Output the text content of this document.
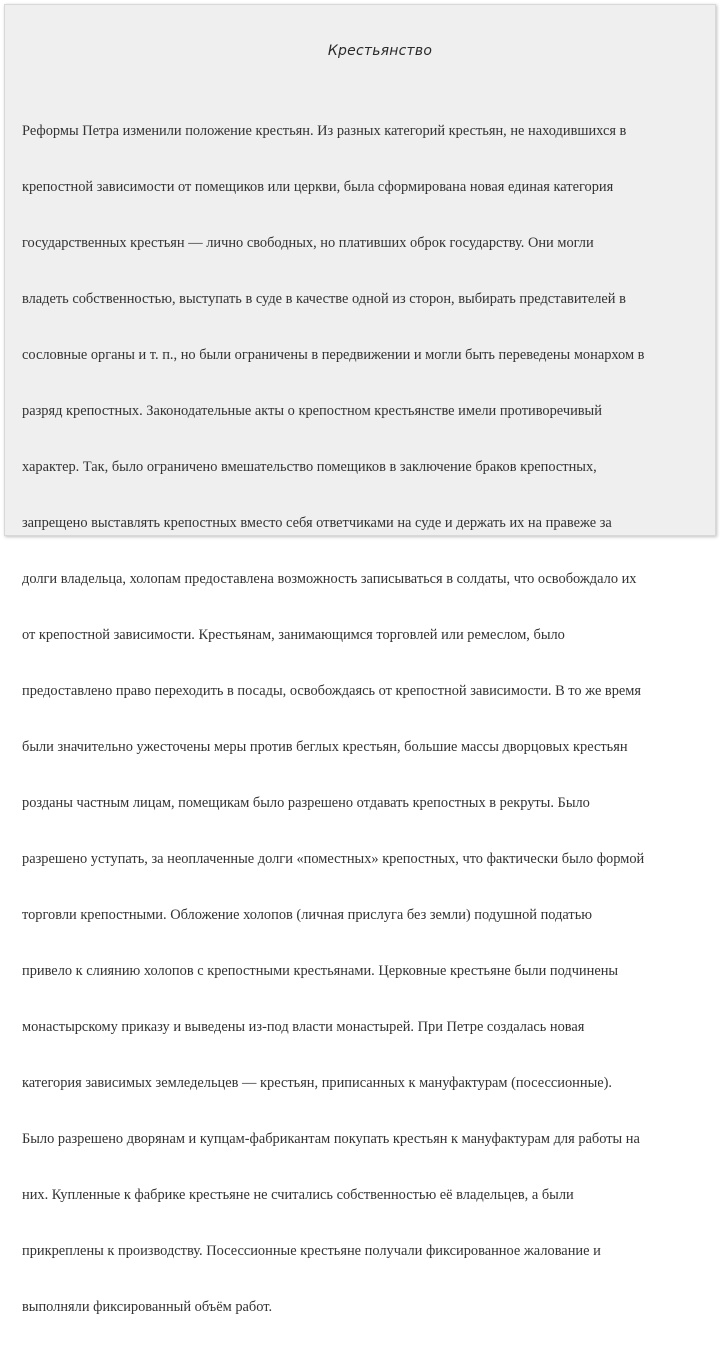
Крестьянство

Реформы Петра изменили положение крестьян. Из разных категорий крестьян, не находившихся в

крепостной зависимости от помещиков или церкви, была сформирована новая единая категория

государственных крестьян — лично свободных, но плативших оброк государству. Они могли

владеть собственностью, выступать в суде в качестве одной из сторон, выбирать представителей в

сословные органы и т. п., но были ограничены в передвижении и могли быть переведены монархом в

разряд крепостных. Законодательные акты о крепостном крестьянстве имели противоречивый

характер. Так, было ограничено вмешательство помещиков в заключение браков крепостных,

запрещено выставлять крепостных вместо себя ответчиками на суде и держать их на правеже за

долги владельца, холопам предоставлена возможность записываться в солдаты, что освобождало их

от крепостной зависимости. Крестьянам, занимающимся торговлей или ремеслом, было

предоставлено право переходить в посады, освобождаясь от крепостной зависимости. В то же время

были значительно ужесточены меры против беглых крестьян, большие массы дворцовых крестьян

розданы частным лицам, помещикам было разрешено отдавать крепостных в рекруты. Было

разрешено уступать, за неоплаченные долги «поместных» крепостных, что фактически было формой

торговли крепостными. Обложение холопов (личная прислуга без земли) подушной податью

привело к слиянию холопов с крепостными крестьянами. Церковные крестьяне были подчинены

монастырскому приказу и выведены из-под власти монастырей. При Петре создалась новая

категория зависимых земледельцев — крестьян, приписанных к мануфактурам (посессионные).

Было разрешено дворянам и купцам-фабрикантам покупать крестьян к мануфактурам для работы на

них. Купленные к фабрике крестьяне не считались собственностью её владельцев, а были

прикреплены к производству. Посессионные крестьяне получали фиксированное жалование и

выполняли фиксированный объём работ.
